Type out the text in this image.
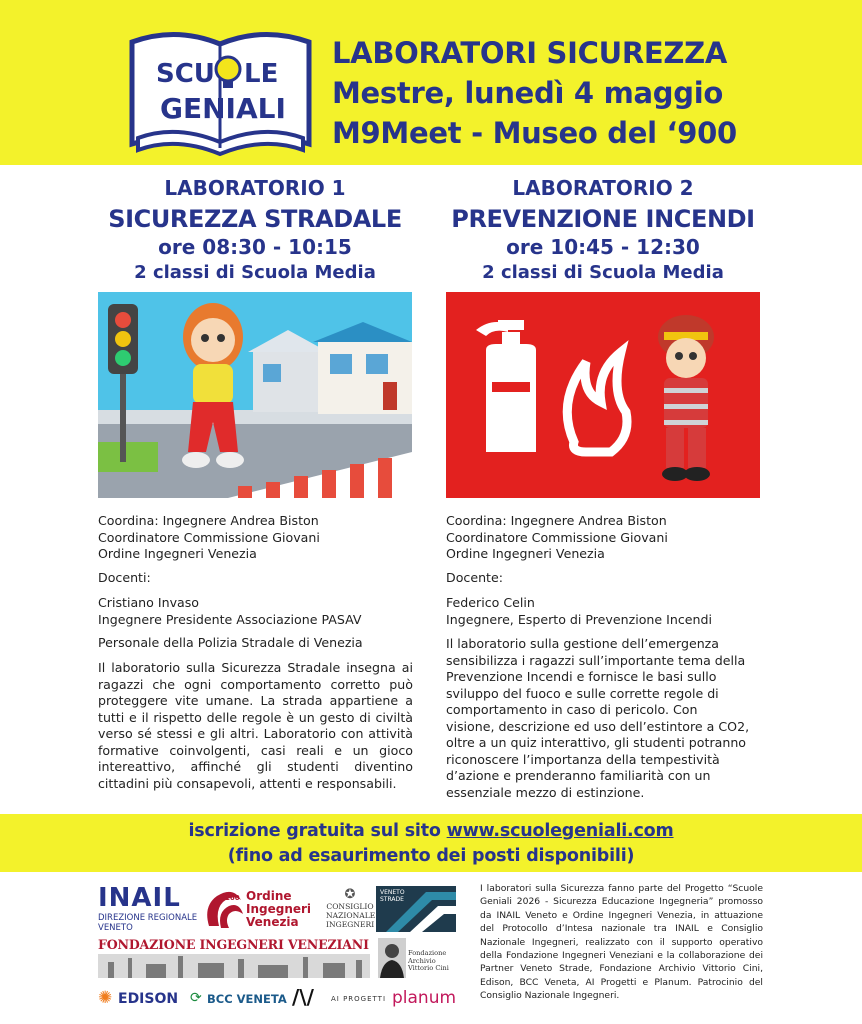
SCU LE
GENIALI
LABORATORI SICUREZZA
Mestre, lunedì 4 maggio
M9Meet - Museo del ‘900
LABORATORIO 1
SICUREZZA STRADALE
ore 08:30 - 10:15
2 classi di Scuola Media
LABORATORIO 2
PREVENZIONE INCENDI
ore 10:45 - 12:30
2 classi di Scuola Media
Coordina: Ingegnere Andrea Biston
Coordinatore Commissione Giovani
Ordine Ingegneri Venezia
Docenti:
Cristiano Invaso
Ingegnere Presidente Associazione PASAV
Personale della Polizia Stradale di Venezia
Il laboratorio sulla Sicurezza Stradale insegna ai ragazzi che ogni comportamento corretto può proteggere vite umane. La strada appartiene a tutti e il rispetto delle regole è un gesto di civiltà verso sé stessi e gli altri. Laboratorio con attività formative coinvolgenti, casi reali e un gioco intereattivo, affinché gli studenti diventino cittadini più consapevoli, attenti e responsabili.
Coordina: Ingegnere Andrea Biston
Coordinatore Commissione Giovani
Ordine Ingegneri Venezia
Docente:
Federico Celin
Ingegnere, Esperto di Prevenzione Incendi
Il laboratorio sulla gestione dell’emergenza
sensibilizza i ragazzi sull’importante tema della
Prevenzione Incendi e fornisce le basi sullo
sviluppo del fuoco e sulle corrette regole di
comportamento in caso di pericolo. Con
visione, descrizione ed uso dell’estintore a CO2,
oltre a un quiz interattivo, gli studenti potranno
riconoscere l’importanza della tempestività
d’azione e prenderanno familiarità con un
essenziale mezzo di estinzione.
iscrizione gratuita sul sito www.scuolegeniali.com
(fino ad esaurimento dei posti disponibili)
INAIL
DIREZIONE REGIONALE
VENETO
160 Ordine
Ingegneri
Venezia
✪
CONSIGLIO
NAZIONALE
INGEGNERI
VENETO
STRADE
FONDAZIONE INGEGNERI VENEZIANI
Fondazione
Archivio
Vittorio Cini
✺ EDISON ⟳ BCC VENETA /\/ AI PROGETTI planum
I laboratori sulla Sicurezza fanno parte del Progetto “Scuole Geniali 2026 - Sicurezza Educazione Ingegneria” promosso da INAIL Veneto e Ordine Ingegneri Venezia, in attuazione del Protocollo d’Intesa nazionale tra INAIL e Consiglio Nazionale Ingegneri, realizzato con il supporto operativo della Fondazione Ingegneri Veneziani e la collaborazione dei Partner Veneto Strade, Fondazione Archivio Vittorio Cini, Edison, BCC Veneta, AI Progetti e Planum. Patrocinio del Consiglio Nazionale Ingegneri.
